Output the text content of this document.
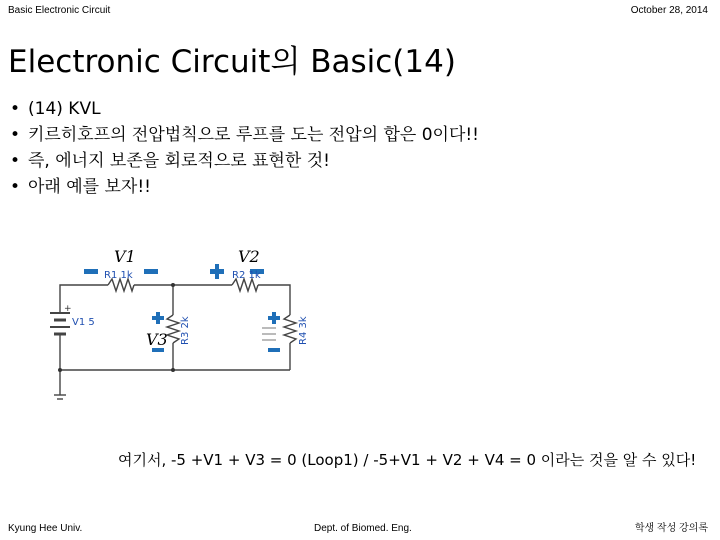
Basic Electronic Circuit	October 28, 2014
Electronic Circuit의 Basic(14)
• (14) KVL
• 키르히호프의 전압법칙으로 루프를 도는 전압의 합은 0이다!!
• 즉, 에너지 보존을 회로적으로 표현한 것!
• 아래 예를 보자!!
V1	V2
V3
R1 1k	R2 1k
R3 2k	R4 3k
V1 5
+
여기서, -5 +V1 + V3 = 0 (Loop1) / -5+V1 + V2 + V4 = 0 이라는 것을 알 수 있다!
Kyung Hee Univ.	Dept. of Biomed. Eng.	학생 작성 강의록
